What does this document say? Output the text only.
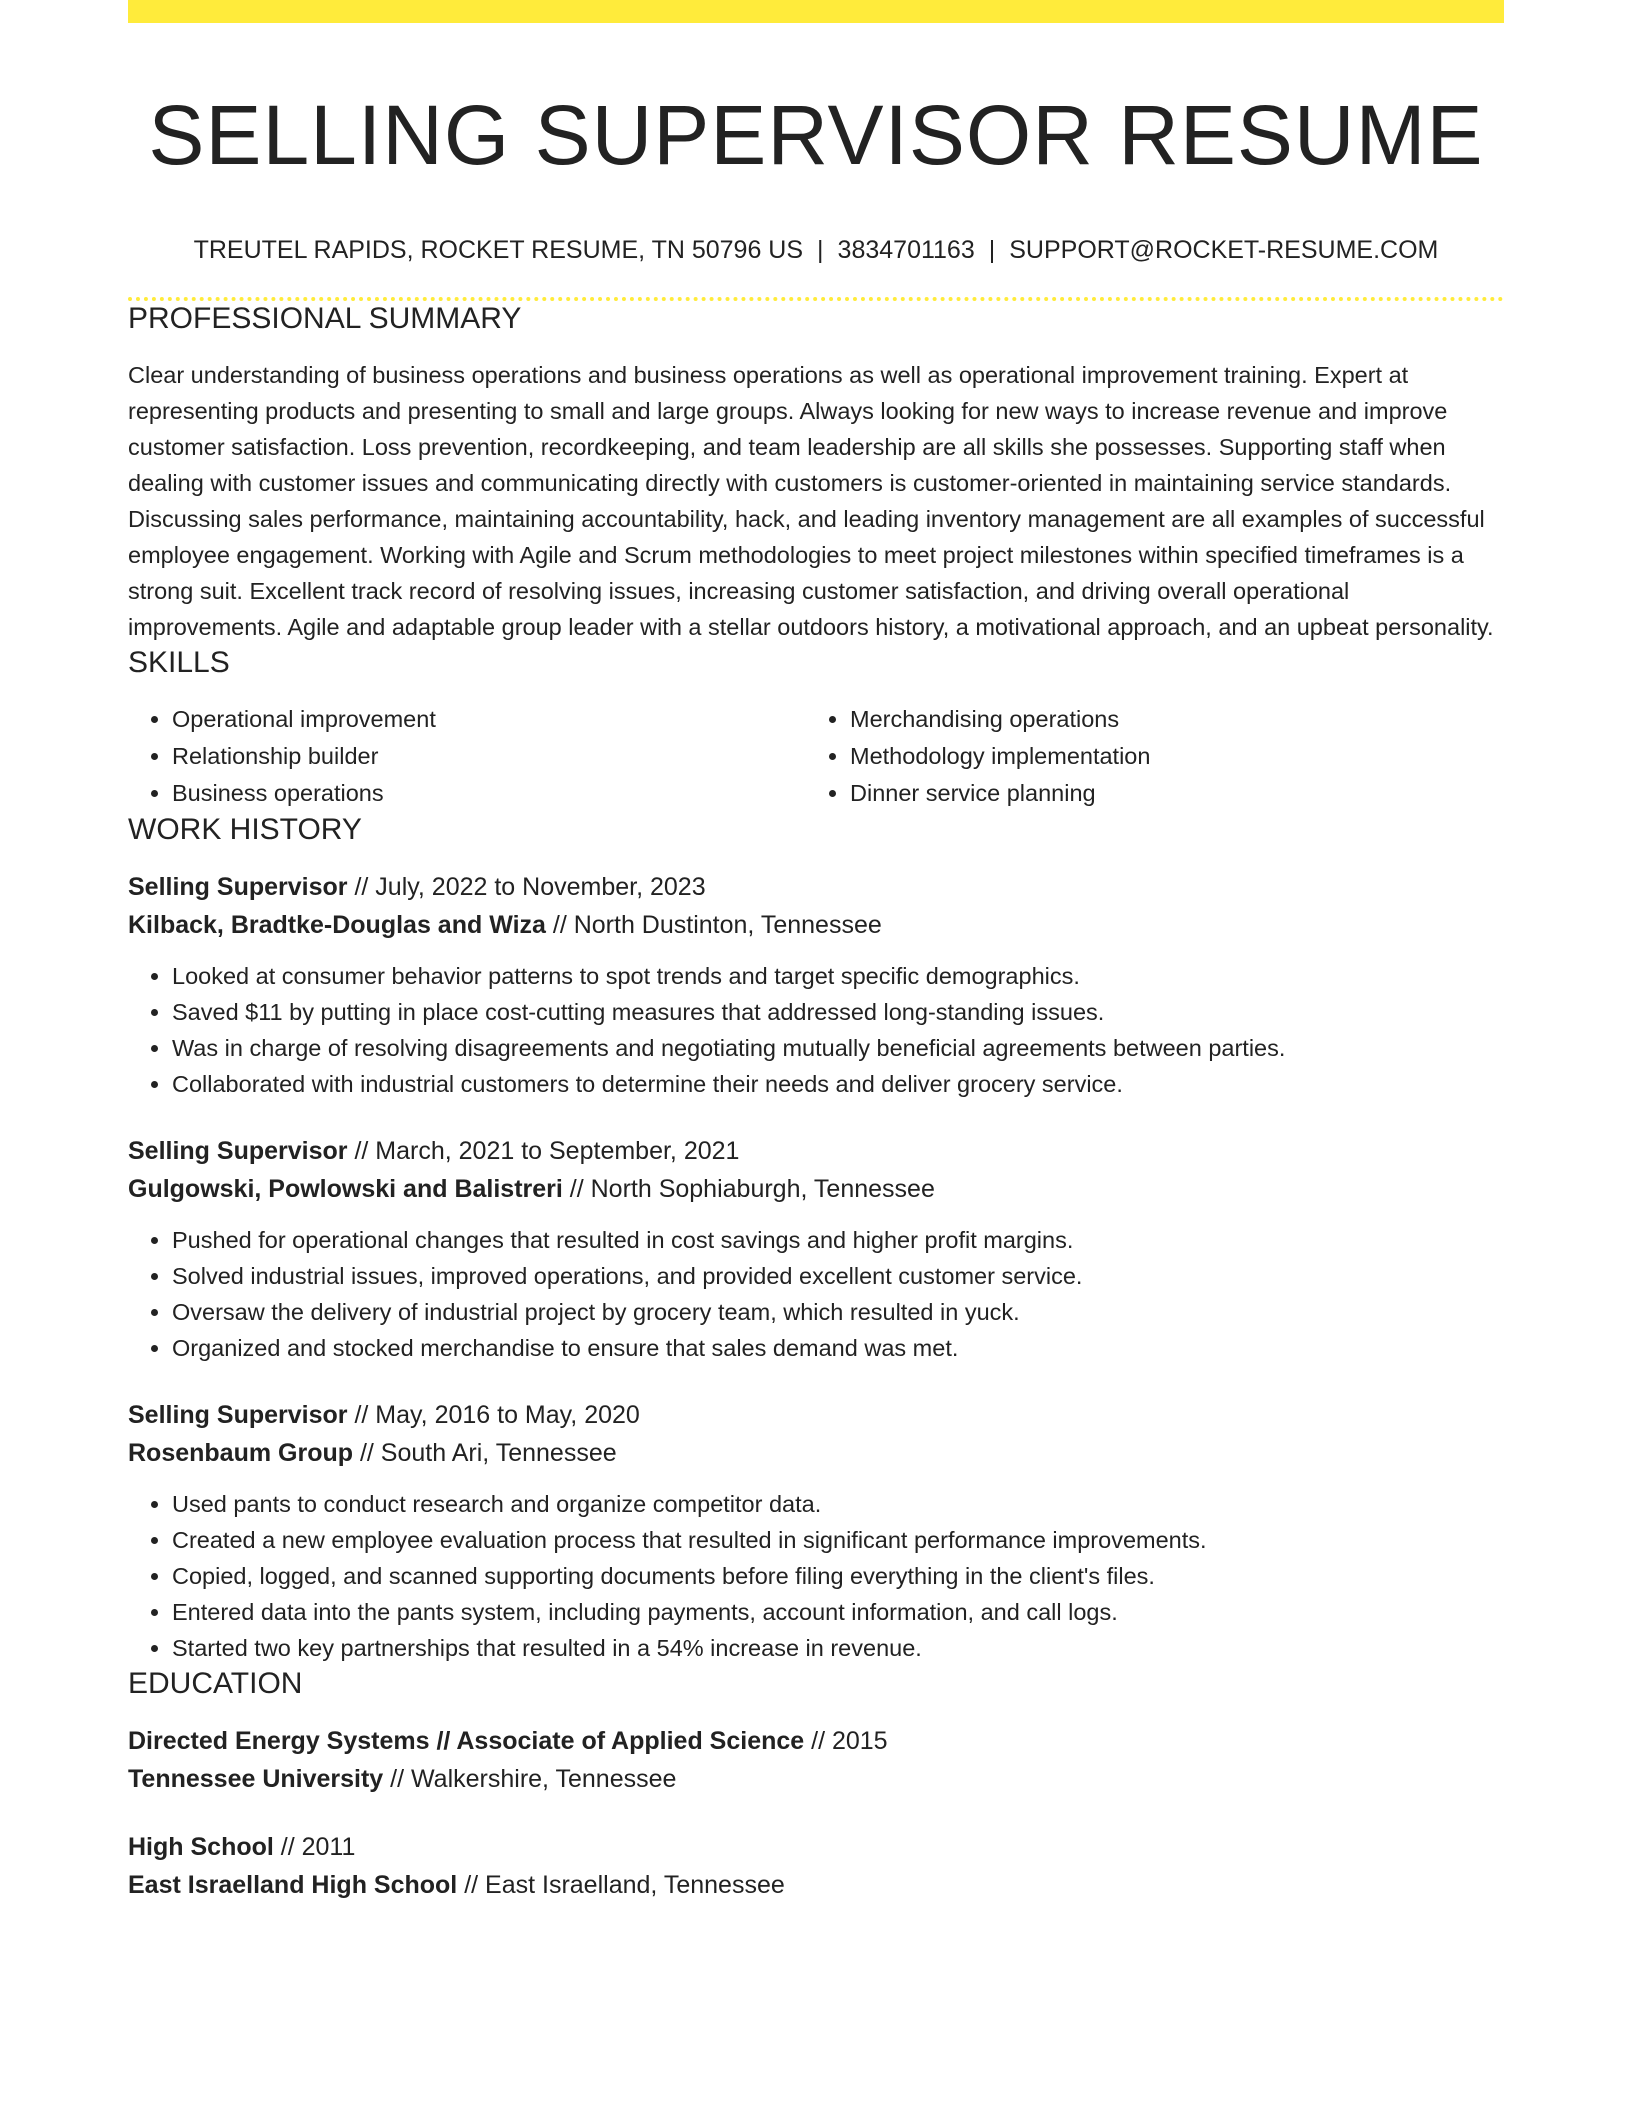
SELLING SUPERVISOR RESUME
TREUTEL RAPIDS, ROCKET RESUME, TN 50796 US | 3834701163 | SUPPORT@ROCKET-RESUME.COM
PROFESSIONAL SUMMARY

Clear understanding of business operations and business operations as well as operational improvement training. Expert at representing products and presenting to small and large groups. Always looking for new ways to increase revenue and improve customer satisfaction. Loss prevention, recordkeeping, and team leadership are all skills she possesses. Supporting staff when dealing with customer issues and communicating directly with customers is customer-oriented in maintaining service standards. Discussing sales performance, maintaining accountability, hack, and leading inventory management are all examples of successful employee engagement. Working with Agile and Scrum methodologies to meet project milestones within specified timeframes is a strong suit. Excellent track record of resolving issues, increasing customer satisfaction, and driving overall operational improvements. Agile and adaptable group leader with a stellar outdoors history, a motivational approach, and an upbeat personality.

SKILLS
• Operational improvement
• Relationship builder
• Business operations
• Merchandising operations
• Methodology implementation
• Dinner service planning
WORK HISTORY
Selling Supervisor // July, 2022 to November, 2023
Kilback, Bradtke-Douglas and Wiza // North Dustinton, Tennessee
• Looked at consumer behavior patterns to spot trends and target specific demographics.
• Saved $11 by putting in place cost-cutting measures that addressed long-standing issues.
• Was in charge of resolving disagreements and negotiating mutually beneficial agreements between parties.
• Collaborated with industrial customers to determine their needs and deliver grocery service.
Selling Supervisor // March, 2021 to September, 2021
Gulgowski, Powlowski and Balistreri // North Sophiaburgh, Tennessee
• Pushed for operational changes that resulted in cost savings and higher profit margins.
• Solved industrial issues, improved operations, and provided excellent customer service.
• Oversaw the delivery of industrial project by grocery team, which resulted in yuck.
• Organized and stocked merchandise to ensure that sales demand was met.
Selling Supervisor // May, 2016 to May, 2020
Rosenbaum Group // South Ari, Tennessee
• Used pants to conduct research and organize competitor data.
• Created a new employee evaluation process that resulted in significant performance improvements.
• Copied, logged, and scanned supporting documents before filing everything in the client's files.
• Entered data into the pants system, including payments, account information, and call logs.
• Started two key partnerships that resulted in a 54% increase in revenue.
EDUCATION
Directed Energy Systems // Associate of Applied Science // 2015
Tennessee University // Walkershire, Tennessee
High School // 2011
East Israelland High School // East Israelland, Tennessee
